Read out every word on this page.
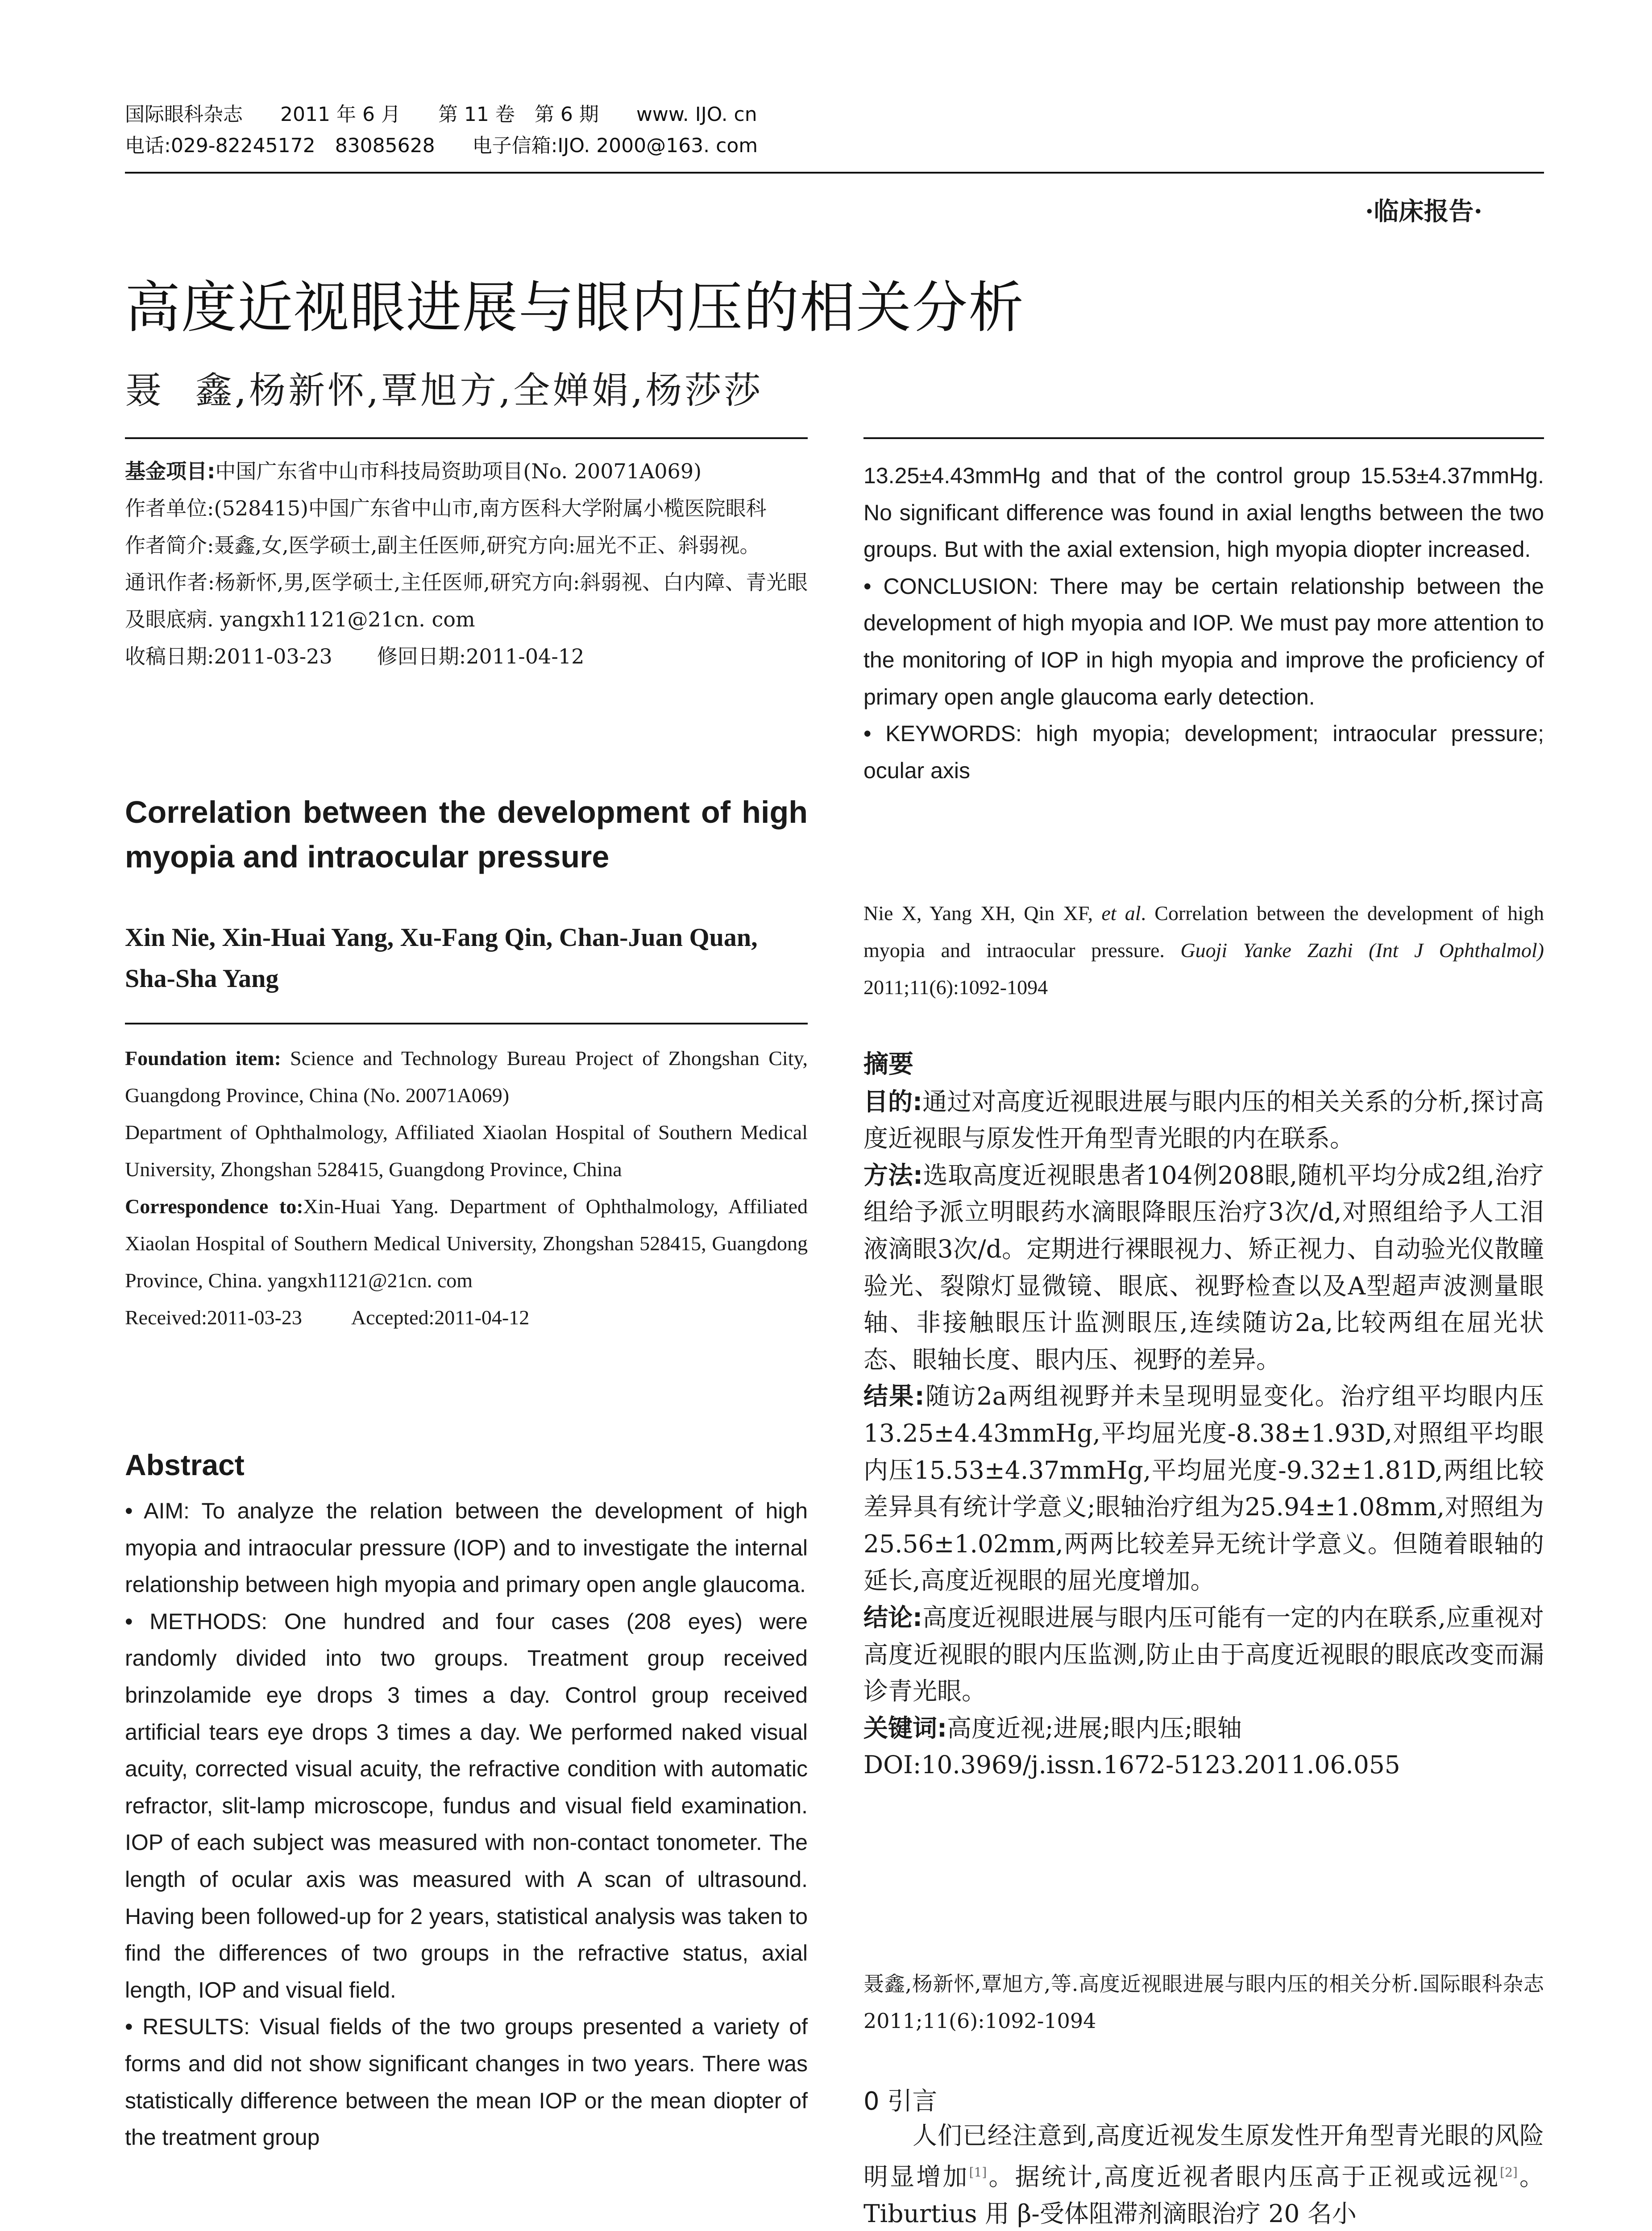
国际眼科杂志 2011 年 6 月 第 11 卷 第 6 期 www. IJO. cn
电话:029-82245172　83085628 电子信箱:IJO. 2000@163. com
·临床报告·
高度近视眼进展与眼内压的相关分析
聂 鑫,杨新怀,覃旭方,全婵娟,杨莎莎
基金项目:中国广东省中山市科技局资助项目(No. 20071A069)
作者单位:(528415)中国广东省中山市,南方医科大学附属小榄医院眼科
作者简介:聂鑫,女,医学硕士,副主任医师,研究方向:屈光不正、斜弱视。
通讯作者:杨新怀,男,医学硕士,主任医师,研究方向:斜弱视、白内障、青光眼及眼底病. yangxh1121@21cn. com
收稿日期:2011-03-23 修回日期:2011-04-12
Correlation between the development of high myopia and intraocular pressure
Xin Nie, Xin-Huai Yang, Xu-Fang Qin, Chan-Juan Quan, Sha-Sha Yang
Foundation item: Science and Technology Bureau Project of Zhongshan City, Guangdong Province, China (No. 20071A069)
Department of Ophthalmology, Affiliated Xiaolan Hospital of Southern Medical University, Zhongshan 528415, Guangdong Province, China
Correspondence to:Xin-Huai Yang. Department of Ophthalmology, Affiliated Xiaolan Hospital of Southern Medical University, Zhongshan 528415, Guangdong Province, China. yangxh1121@21cn. com
Received:2011-03-23 Accepted:2011-04-12
Abstract

• AIM: To analyze the relation between the development of high myopia and intraocular pressure (IOP) and to investigate the internal relationship between high myopia and primary open angle glaucoma.

• METHODS: One hundred and four cases (208 eyes) were randomly divided into two groups. Treatment group received brinzolamide eye drops 3 times a day. Control group received artificial tears eye drops 3 times a day. We performed naked visual acuity, corrected visual acuity, the refractive condition with automatic refractor, slit-lamp microscope, fundus and visual field examination. IOP of each subject was measured with non-contact tonometer. The length of ocular axis was measured with A scan of ultrasound. Having been followed-up for 2 years, statistical analysis was taken to find the differences of two groups in the refractive status, axial length, IOP and visual field.

• RESULTS: Visual fields of the two groups presented a variety of forms and did not show significant changes in two years. There was statistically difference between the mean IOP or the mean diopter of the treatment group

13.25±4.43mmHg and that of the control group 15.53±4.37mmHg. No significant difference was found in axial lengths between the two groups. But with the axial extension, high myopia diopter increased.

• CONCLUSION: There may be certain relationship between the development of high myopia and IOP. We must pay more attention to the monitoring of IOP in high myopia and improve the proficiency of primary open angle glaucoma early detection.

• KEYWORDS: high myopia; development; intraocular pressure; ocular axis

Nie X, Yang XH, Qin XF, et al. Correlation between the development of high myopia and intraocular pressure. Guoji Yanke Zazhi (Int J Ophthalmol) 2011;11(6):1092-1094

摘要

目的:通过对高度近视眼进展与眼内压的相关关系的分析,探讨高度近视眼与原发性开角型青光眼的内在联系。

方法:选取高度近视眼患者104例208眼,随机平均分成2组,治疗组给予派立明眼药水滴眼降眼压治疗3次/d,对照组给予人工泪液滴眼3次/d。定期进行裸眼视力、矫正视力、自动验光仪散瞳验光、裂隙灯显微镜、眼底、视野检查以及A型超声波测量眼轴、非接触眼压计监测眼压,连续随访2a,比较两组在屈光状态、眼轴长度、眼内压、视野的差异。

结果:随访2a两组视野并未呈现明显变化。治疗组平均眼内压13.25±4.43mmHg,平均屈光度-8.38±1.93D,对照组平均眼内压15.53±4.37mmHg,平均屈光度-9.32±1.81D,两组比较差异具有统计学意义;眼轴治疗组为25.94±1.08mm,对照组为25.56±1.02mm,两两比较差异无统计学意义。但随着眼轴的延长,高度近视眼的屈光度增加。

结论:高度近视眼进展与眼内压可能有一定的内在联系,应重视对高度近视眼的眼内压监测,防止由于高度近视眼的眼底改变而漏诊青光眼。

关键词:高度近视;进展;眼内压;眼轴

DOI:10.3969/j.issn.1672-5123.2011.06.055

聂鑫,杨新怀,覃旭方,等.高度近视眼进展与眼内压的相关分析.国际眼科杂志 2011;11(6):1092-1094
0 引言
人们已经注意到,高度近视发生原发性开角型青光眼的风险明显增加[1]。据统计,高度近视者眼内压高于正视或远视[2]。Tiburtius 用 β-受体阻滞剂滴眼治疗 20 名小
